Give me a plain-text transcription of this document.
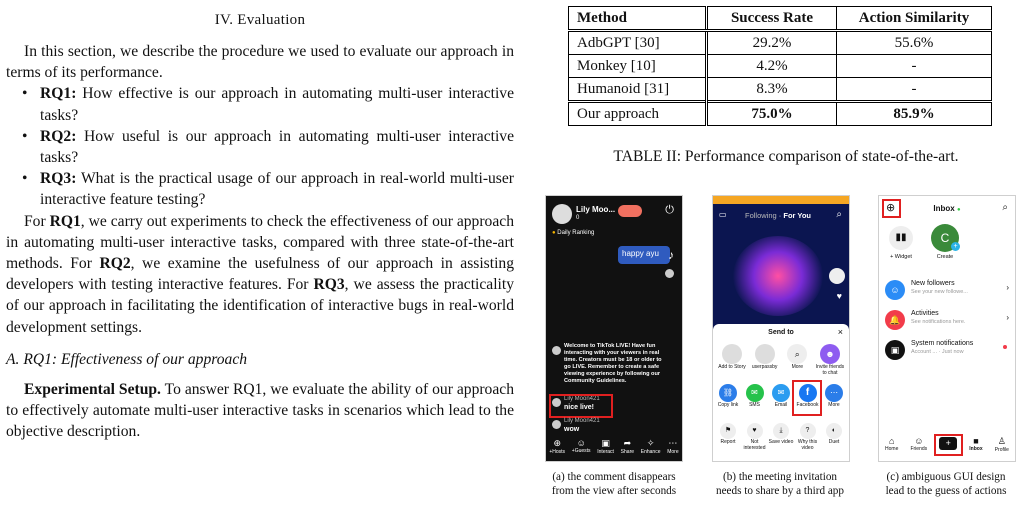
IV. Evaluation

In this section, we describe the procedure we used to evaluate our approach in terms of its performance.

• RQ1: How effective is our approach in automating multi-user interactive tasks?
• RQ2: How useful is our approach in automating multi-user interactive tasks?
• RQ3: What is the practical usage of our approach in real-world multi-user interactive feature testing?

For RQ1, we carry out experiments to check the effectiveness of our approach in automating multi-user interactive tasks, compared with three state-of-the-art methods. For RQ2, we examine the usefulness of our approach in assisting developers with testing interactive features. For RQ3, we assess the practicality of our approach in facilitating the identification of interactive bugs in real-world development settings.

A. RQ1: Effectiveness of our approach

Experimental Setup. To answer RQ1, we evaluate the ability of our approach to effectively automate multi-user interactive tasks in scenarios which lead to the objective description.

Method	Success Rate	Action Similarity
AdbGPT [30]	29.2%	55.6%
Monkey [10]	4.2%	-
Humanoid [31]	8.3%	-
Our approach	75.0%	85.9%
TABLE II: Performance comparison of state-of-the-art.
Lily Moo...
0
⏻
● Daily Ranking
happy ayu ♪
Welcome to TikTok LIVE! Have fun interacting with your viewers in real time. Creators must be 18 or older to go LIVE. Remember to create a safe viewing experience by following our Community Guidelines.
Lily Moon421
nice live!
Lily Moon421
wow
⊕
+Hosts
☺
+Guests
▣
Interact
➦
Share
✧
Enhance
⋯
More
▭ Following · For You	⌕
♥
Send to	×
Add to Story	userpassby
⌕
More
☻
Invite friends to chat
⛓
Copy link
✉
SMS
✉
Email
f
Facebook
⋯
More
⚑
Report
♥
Not interested
⤓
Save video
?
Why this video
◐
Duet
⊕	Inbox ●	⌕
▮▮
+ Widget
C
+
Create
☺
New followers
See your new followe...	›
🔔
Activities
See notifications here.	›
▣
System notifications
Account ... · Just now
⌂
Home
☺
Friends
+	■
Inbox
♙
Profile
(a) the comment disappears
from the view after seconds
(b) the meeting invitation
needs to share by a third app
(c) ambiguous GUI design
lead to the guess of actions
